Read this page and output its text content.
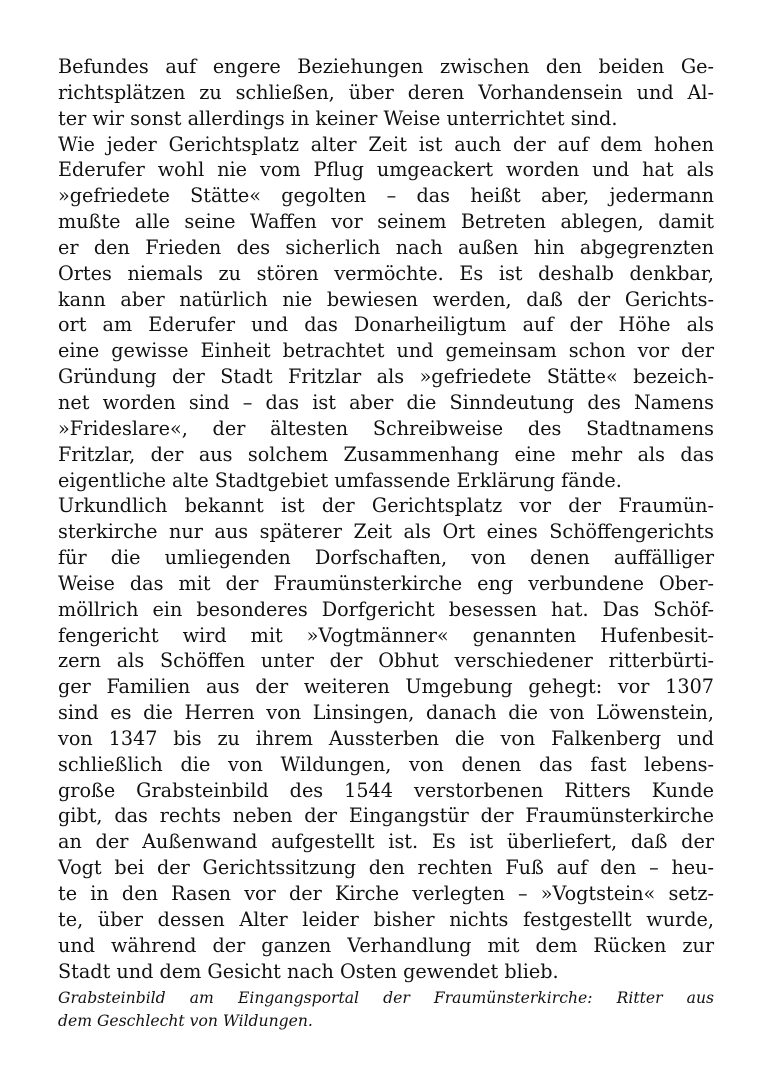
Befundes auf engere Beziehungen zwischen den beiden Ge-
richtsplätzen zu schließen, über deren Vorhandensein und Al-
ter wir sonst allerdings in keiner Weise unterrichtet sind.
Wie jeder Gerichtsplatz alter Zeit ist auch der auf dem hohen
Ederufer wohl nie vom Pflug umgeackert worden und hat als
»gefriedete Stätte« gegolten – das heißt aber, jedermann
mußte alle seine Waffen vor seinem Betreten ablegen, damit
er den Frieden des sicherlich nach außen hin abgegrenzten
Ortes niemals zu stören vermöchte. Es ist deshalb denkbar,
kann aber natürlich nie bewiesen werden, daß der Gerichts-
ort am Ederufer und das Donarheiligtum auf der Höhe als
eine gewisse Einheit betrachtet und gemeinsam schon vor der
Gründung der Stadt Fritzlar als »gefriedete Stätte« bezeich-
net worden sind – das ist aber die Sinndeutung des Namens
»Frideslare«, der ältesten Schreibweise des Stadtnamens
Fritzlar, der aus solchem Zusammenhang eine mehr als das
eigentliche alte Stadtgebiet umfassende Erklärung fände.
Urkundlich bekannt ist der Gerichtsplatz vor der Fraumün-
sterkirche nur aus späterer Zeit als Ort eines Schöffengerichts
für die umliegenden Dorfschaften, von denen auffälliger
Weise das mit der Fraumünsterkirche eng verbundene Ober-
möllrich ein besonderes Dorfgericht besessen hat. Das Schöf-
fengericht wird mit »Vogtmänner« genannten Hufenbesit-
zern als Schöffen unter der Obhut verschiedener ritterbürti-
ger Familien aus der weiteren Umgebung gehegt: vor 1307
sind es die Herren von Linsingen, danach die von Löwenstein,
von 1347 bis zu ihrem Aussterben die von Falkenberg und
schließlich die von Wildungen, von denen das fast lebens-
große Grabsteinbild des 1544 verstorbenen Ritters Kunde
gibt, das rechts neben der Eingangstür der Fraumünsterkirche
an der Außenwand aufgestellt ist. Es ist überliefert, daß der
Vogt bei der Gerichtssitzung den rechten Fuß auf den – heu-
te in den Rasen vor der Kirche verlegten – »Vogtstein« setz-
te, über dessen Alter leider bisher nichts festgestellt wurde,
und während der ganzen Verhandlung mit dem Rücken zur
Stadt und dem Gesicht nach Osten gewendet blieb.
Grabsteinbild am Eingangsportal der Fraumünsterkirche: Ritter aus
dem Geschlecht von Wildungen.
